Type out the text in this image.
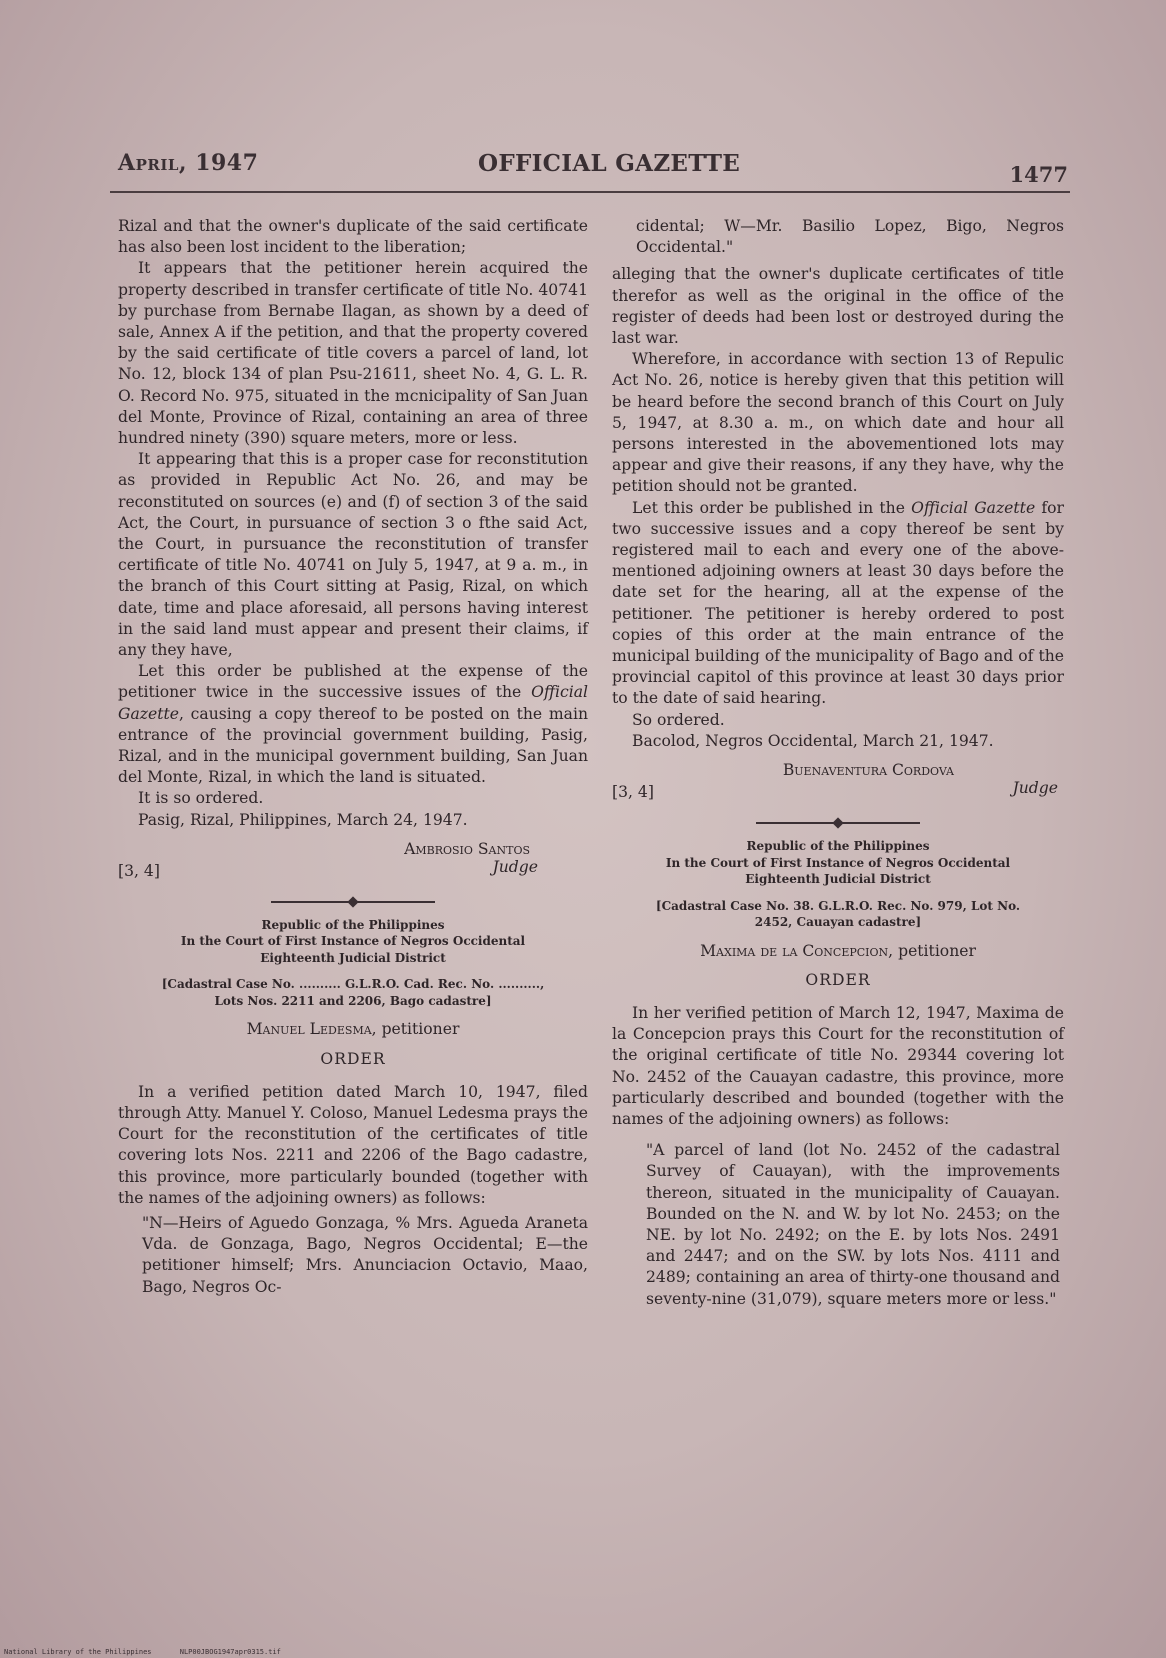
April, 1947	OFFICIAL GAZETTE	1477

Rizal and that the owner's duplicate of the said certificate has also been lost incident to the liberation;

It appears that the petitioner herein acquired the property described in transfer certificate of title No. 40741 by purchase from Bernabe Ilagan, as shown by a deed of sale, Annex A if the petition, and that the property covered by the said certificate of title covers a parcel of land, lot No. 12, block 134 of plan Psu-21611, sheet No. 4, G. L. R. O. Record No. 975, situated in the mcnicipality of San Juan del Monte, Province of Rizal, containing an area of three hundred ninety (390) square meters, more or less.

It appearing that this is a proper case for reconstitution as provided in Republic Act No. 26, and may be reconstituted on sources (e) and (f) of section 3 of the said Act, the Court, in pursuance of section 3 o fthe said Act, the Court, in pursuance the reconstitution of transfer certificate of title No. 40741 on July 5, 1947, at 9 a. m., in the branch of this Court sitting at Pasig, Rizal, on which date, time and place aforesaid, all persons having interest in the said land must appear and present their claims, if any they have,

Let this order be published at the expense of the petitioner twice in the successive issues of the Official Gazette, causing a copy thereof to be posted on the main entrance of the provincial government building, Pasig, Rizal, and in the municipal government building, San Juan del Monte, Rizal, in which the land is situated.

It is so ordered.

Pasig, Rizal, Philippines, March 24, 1947.

Ambrosio Santos
[3, 4]	Judge
Republic of the Philippines
In the Court of First Instance of Negros Occidental
Eighteenth Judicial District
[Cadastral Case No. .......... G.L.R.O. Cad. Rec. No. ..........,
Lots Nos. 2211 and 2206, Bago cadastre]
Manuel Ledesma, petitioner
ORDER

In a verified petition dated March 10, 1947, filed through Atty. Manuel Y. Coloso, Manuel Ledesma prays the Court for the reconstitution of the certificates of title covering lots Nos. 2211 and 2206 of the Bago cadastre, this province, more particularly bounded (together with the names of the adjoining owners) as follows:

"N—Heirs of Aguedo Gonzaga, % Mrs. Agueda Araneta Vda. de Gonzaga, Bago, Negros Occidental; E—the petitioner himself; Mrs. Anunciacion Octavio, Maao, Bago, Negros Oc-

cidental; W—Mr. Basilio Lopez, Bigo, Negros Occidental."

alleging that the owner's duplicate certificates of title therefor as well as the original in the office of the register of deeds had been lost or destroyed during the last war.

Wherefore, in accordance with section 13 of Repulic Act No. 26, notice is hereby given that this petition will be heard before the second branch of this Court on July 5, 1947, at 8.30 a. m., on which date and hour all persons interested in the abovementioned lots may appear and give their reasons, if any they have, why the petition should not be granted.

Let this order be published in the Official Gazette for two successive issues and a copy thereof be sent by registered mail to each and every one of the above-mentioned adjoining owners at least 30 days before the date set for the hearing, all at the expense of the petitioner. The petitioner is hereby ordered to post copies of this order at the main entrance of the municipal building of the municipality of Bago and of the provincial capitol of this province at least 30 days prior to the date of said hearing.

So ordered.

Bacolod, Negros Occidental, March 21, 1947.

Buenaventura Cordova
[3, 4]	Judge
Republic of the Philippines
In the Court of First Instance of Negros Occidental
Eighteenth Judicial District
[Cadastral Case No. 38. G.L.R.O. Rec. No. 979, Lot No.
2452, Cauayan cadastre]
Maxima de la Concepcion, petitioner
ORDER

In her verified petition of March 12, 1947, Maxima de la Concepcion prays this Court for the reconstitution of the original certificate of title No. 29344 covering lot No. 2452 of the Cauayan cadastre, this province, more particularly described and bounded (together with the names of the adjoining owners) as follows:

"A parcel of land (lot No. 2452 of the cadastral Survey of Cauayan), with the improvements thereon, situated in the municipality of Cauayan. Bounded on the N. and W. by lot No. 2453; on the NE. by lot No. 2492; on the E. by lots Nos. 2491 and 2447; and on the SW. by lots Nos. 4111 and 2489; containing an area of thirty-one thousand and seventy-nine (31,079), square meters more or less."

National Library of the Philippines	NLP00JBOG1947apr0315.tif
